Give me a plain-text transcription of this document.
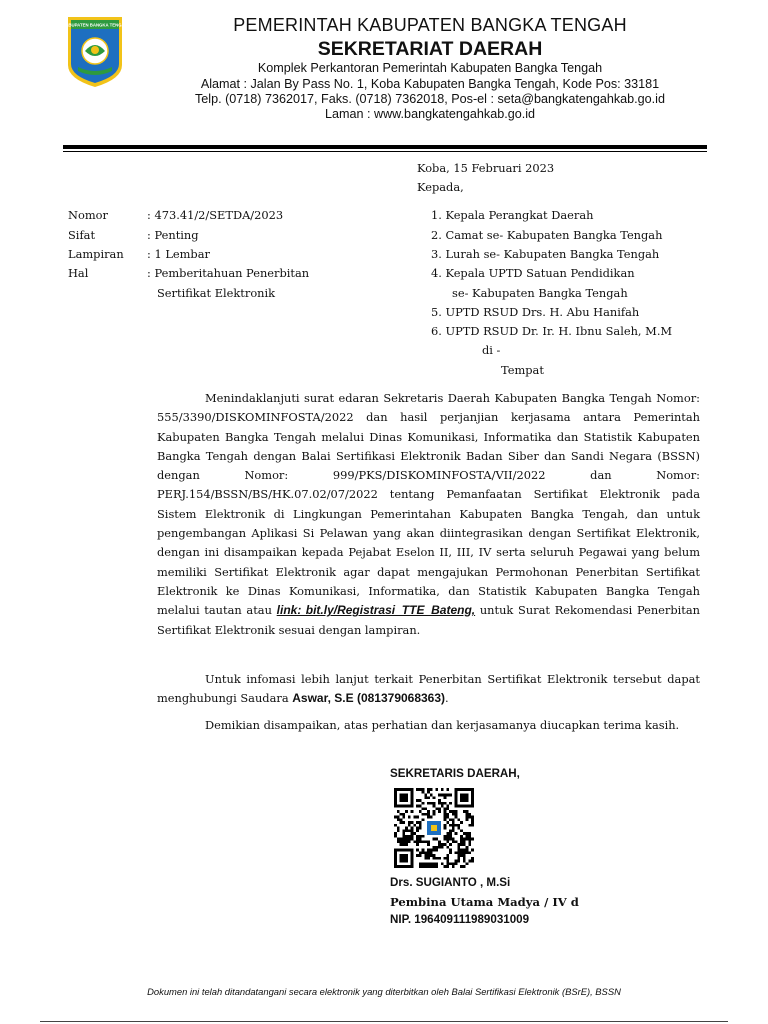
KABUPATEN BANGKA TENGAH	PEMERINTAH KABUPATEN BANGKA TENGAH
SEKRETARIAT DAERAH
Komplek Perkantoran Pemerintah Kabupaten Bangka Tengah
Alamat : Jalan By Pass No. 1, Koba Kabupaten Bangka Tengah, Kode Pos: 33181
Telp. (0718) 7362017, Faks. (0718) 7362018, Pos-el : seta@bangkatengahkab.go.id
Laman : www.bangkatengahkab.go.id
Koba, 15 Februari 2023
Kepada,
Nomor	: 473.41/2/SETDA/2023
Sifat	: Penting
Lampiran : 1 Lembar
Hal	: Pemberitahuan Penerbitan
Sertifikat Elektronik
1. Kepala Perangkat Daerah
2. Camat se- Kabupaten Bangka Tengah
3. Lurah se- Kabupaten Bangka Tengah
4. Kepala UPTD Satuan Pendidikan
se- Kabupaten Bangka Tengah
5. UPTD RSUD Drs. H. Abu Hanifah
6. UPTD RSUD Dr. Ir. H. Ibnu Saleh, M.M
di -
Tempat
Menindaklanjuti surat edaran Sekretaris Daerah Kabupaten Bangka Tengah Nomor: 555/3390/DISKOMINFOSTA/2022 dan hasil perjanjian kerjasama antara Pemerintah Kabupaten Bangka Tengah melalui Dinas Komunikasi, Informatika dan Statistik Kabupaten Bangka Tengah dengan Balai Sertifikasi Elektronik Badan Siber dan Sandi Negara (BSSN) dengan Nomor: 999/PKS/DISKOMINFOSTA/VII/2022 dan Nomor: PERJ.154/BSSN/BS/HK.07.02/07/2022 tentang Pemanfaatan Sertifikat Elektronik pada Sistem Elektronik di Lingkungan Pemerintahan Kabupaten Bangka Tengah, dan untuk pengembangan Aplikasi Si Pelawan yang akan diintegrasikan dengan Sertifikat Elektronik, dengan ini disampaikan kepada Pejabat Eselon II, III, IV serta seluruh Pegawai yang belum memiliki Sertifikat Elektronik agar dapat mengajukan Permohonan Penerbitan Sertifikat Elektronik ke Dinas Komunikasi, Informatika, dan Statistik Kabupaten Bangka Tengah melalui tautan atau link: bit.ly/Registrasi_TTE_Bateng, untuk Surat Rekomendasi Penerbitan Sertifikat Elektronik sesuai dengan lampiran.
Untuk infomasi lebih lanjut terkait Penerbitan Sertifikat Elektronik tersebut dapat menghubungi Saudara Aswar, S.E (081379068363).
Demikian disampaikan, atas perhatian dan kerjasamanya diucapkan terima kasih.
SEKRETARIS DAERAH,
Drs. SUGIANTO , M.Si
Pembina Utama Madya / IV d
NIP. 196409111989031009
Dokumen ini telah ditandatangani secara elektronik yang diterbitkan oleh Balai Sertifikasi Elektronik (BSrE), BSSN
